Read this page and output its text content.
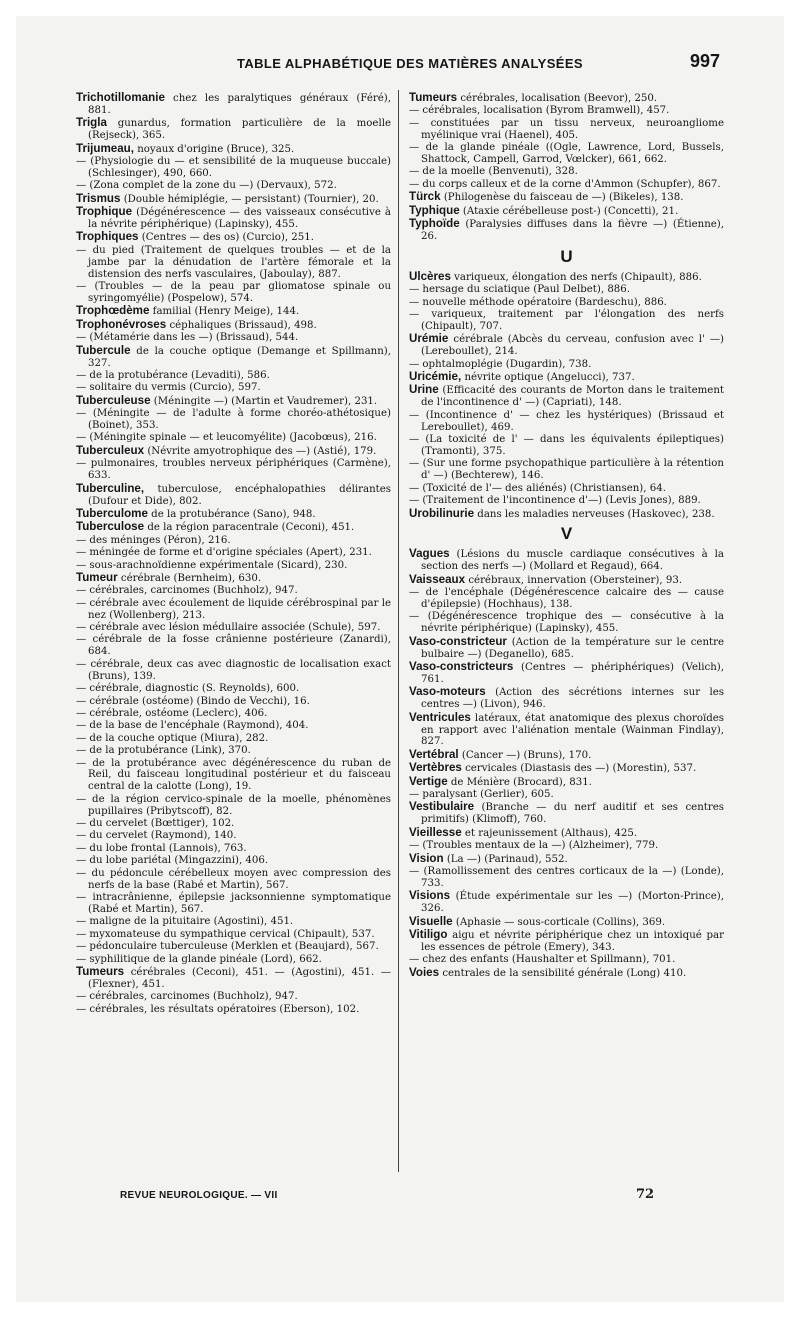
TABLE ALPHABÉTIQUE DES MATIÈRES ANALYSÉES	997
Trichotillomanie chez les paralytiques généraux (Féré), 881.
Trigla gunardus, formation particulière de la moelle (Rejseck), 365.
Trijumeau, noyaux d'origine (Bruce), 325.
— (Physiologie du — et sensibilité de la muqueuse buccale) (Schlesinger), 490, 660.
— (Zona complet de la zone du —) (Dervaux), 572.
Trismus (Double hémiplégie, — persistant) (Tournier), 20.
Trophique (Dégénérescence — des vaisseaux consécutive à la névrite périphérique) (Lapinsky), 455.
Trophiques (Centres — des os) (Curcio), 251.
— du pied (Traitement de quelques troubles — et de la jambe par la dénudation de l'artère fémorale et la distension des nerfs vasculaires, (Jaboulay), 887.
— (Troubles — de la peau par gliomatose spinale ou syringomyélie) (Pospelow), 574.
Trophœdème familial (Henry Meige), 144.
Trophonévroses céphaliques (Brissaud), 498.
— (Métamérie dans les —) (Brissaud), 544.
Tubercule de la couche optique (Demange et Spillmann), 327.
— de la protubérance (Levaditi), 586.
— solitaire du vermis (Curcio), 597.
Tuberculeuse (Méningite —) (Martin et Vaudremer), 231.
— (Méningite — de l'adulte à forme choréo-athétosique) (Boinet), 353.
— (Méningite spinale — et leucomyélite) (Jacobœus), 216.
Tuberculeux (Névrite amyotrophique des —) (Astié), 179.
— pulmonaires, troubles nerveux périphériques (Carmène), 633.
Tuberculine, tuberculose, encéphalopathies délirantes (Dufour et Dide), 802.
Tuberculome de la protubérance (Sano), 948.
Tuberculose de la région paracentrale (Ceconi), 451.
— des méninges (Péron), 216.
— méningée de forme et d'origine spéciales (Apert), 231.
— sous-arachnoïdienne expérimentale (Sicard), 230.
Tumeur cérébrale (Bernheim), 630.
— cérébrales, carcinomes (Buchholz), 947.
— cérébrale avec écoulement de liquide cérébrospinal par le nez (Wollenberg), 213.
— cérébrale avec lésion médullaire associée (Schule), 597.
— cérébrale de la fosse crânienne postérieure (Zanardi), 684.
— cérébrale, deux cas avec diagnostic de localisation exact (Bruns), 139.
— cérébrale, diagnostic (S. Reynolds), 600.
— cérébrale (ostéome) (Bindo de Vecchi), 16.
— cérébrale, ostéome (Leclerc), 406.
— de la base de l'encéphale (Raymond), 404.
— de la couche optique (Miura), 282.
— de la protubérance (Link), 370.
— de la protubérance avec dégénérescence du ruban de Reil, du faisceau longitudinal postérieur et du faisceau central de la calotte (Long), 19.
— de la région cervico-spinale de la moelle, phénomènes pupillaires (Pribytscoff), 82.
— du cervelet (Bœttiger), 102.
— du cervelet (Raymond), 140.
— du lobe frontal (Lannois), 763.
— du lobe pariétal (Mingazzini), 406.
— du pédoncule cérébelleux moyen avec compression des nerfs de la base (Rabé et Martin), 567.
— intracrânienne, épilepsie jacksonnienne symptomatique (Rabé et Martin), 567.
— maligne de la pituitaire (Agostini), 451.
— myxomateuse du sympathique cervical (Chipault), 537.
— pédonculaire tuberculeuse (Merklen et (Beaujard), 567.
— syphilitique de la glande pinéale (Lord), 662.
Tumeurs cérébrales (Ceconi), 451. — (Agostini), 451. — (Flexner), 451.
— cérébrales, carcinomes (Buchholz), 947.
— cérébrales, les résultats opératoires (Eberson), 102.
Tumeurs cérébrales, localisation (Beevor), 250.
— cérébrales, localisation (Byrom Bramwell), 457.
— constituées par un tissu nerveux, neuroangliome myélinique vrai (Haenel), 405.
— de la glande pinéale ((Ogle, Lawrence, Lord, Bussels, Shattock, Campell, Garrod, Vœlcker), 661, 662.
— de la moelle (Benvenuti), 328.
— du corps calleux et de la corne d'Ammon (Schupfer), 867.
Türck (Philogenèse du faisceau de —) (Bikeles), 138.
Typhique (Ataxie cérébelleuse post-) (Concetti), 21.
Typhoïde (Paralysies diffuses dans la fièvre —) (Étienne), 26.
U
Ulcères variqueux, élongation des nerfs (Chipault), 886.
— hersage du sciatique (Paul Delbet), 886.
— nouvelle méthode opératoire (Bardeschu), 886.
— variqueux, traitement par l'élongation des nerfs (Chipault), 707.
Urémie cérébrale (Abcès du cerveau, confusion avec l' —) (Lereboullet), 214.
— ophtalmoplégie (Dugardin), 738.
Uricémie, névrite optique (Angelucci), 737.
Urine (Efficacité des courants de Morton dans le traitement de l'incontinence d' —) (Capriati), 148.
— (Incontinence d' — chez les hystériques) (Brissaud et Lereboullet), 469.
— (La toxicité de l' — dans les équivalents épileptiques) (Tramonti), 375.
— (Sur une forme psychopathique particulière à la rétention d' —) (Bechterew), 146.
— (Toxicité de l'— des aliénés) (Christiansen), 64.
— (Traitement de l'incontinence d'—) (Levis Jones), 889.
Urobilinurie dans les maladies nerveuses (Haskovec), 238.
V
Vagues (Lésions du muscle cardiaque consécutives à la section des nerfs —) (Mollard et Regaud), 664.
Vaisseaux cérébraux, innervation (Obersteiner), 93.
— de l'encéphale (Dégénérescence calcaire des — cause d'épilepsie) (Hochhaus), 138.
— (Dégénérescence trophique des — consécutive à la névrite périphérique) (Lapinsky), 455.
Vaso-constricteur (Action de la température sur le centre bulbaire —) (Deganello), 685.
Vaso-constricteurs (Centres — phériphériques) (Velich), 761.
Vaso-moteurs (Action des sécrétions internes sur les centres —) (Livon), 946.
Ventricules latéraux, état anatomique des plexus choroïdes en rapport avec l'aliénation mentale (Wainman Findlay), 827.
Vertébral (Cancer —) (Bruns), 170.
Vertèbres cervicales (Diastasis des —) (Morestin), 537.
Vertige de Ménière (Brocard), 831.
— paralysant (Gerlier), 605.
Vestibulaire (Branche — du nerf auditif et ses centres primitifs) (Klimoff), 760.
Vieillesse et rajeunissement (Althaus), 425.
— (Troubles mentaux de la —) (Alzheimer), 779.
Vision (La —) (Parinaud), 552.
— (Ramollissement des centres corticaux de la —) (Londe), 733.
Visions (Étude expérimentale sur les —) (Morton-Prince), 326.
Visuelle (Aphasie — sous-corticale (Collins), 369.
Vitiligo aigu et névrite périphérique chez un intoxiqué par les essences de pétrole (Emery), 343.
— chez des enfants (Haushalter et Spillmann), 701.
Voies centrales de la sensibilité générale (Long) 410.
REVUE NEUROLOGIQUE. — VII	72
